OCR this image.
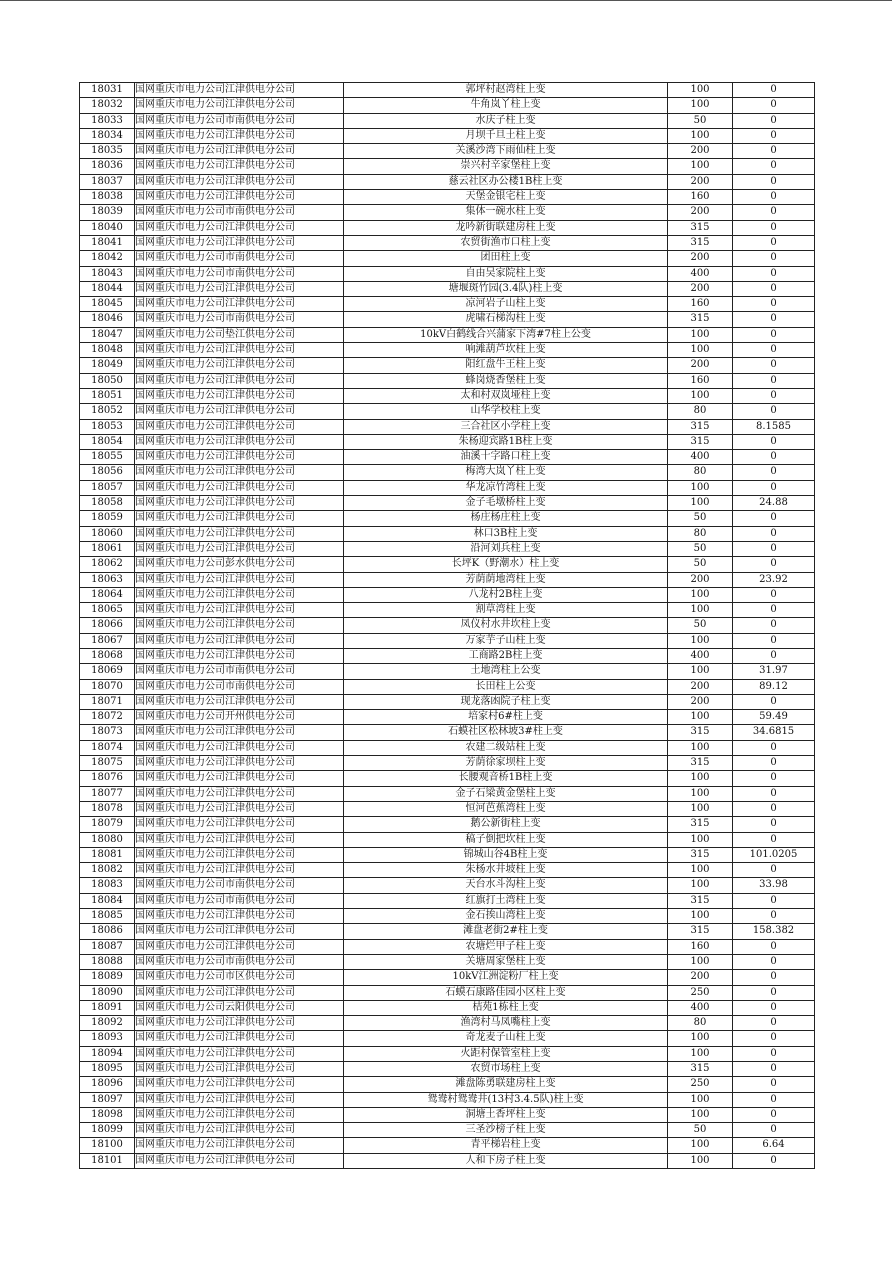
18031	国网重庆市电力公司江津供电分公司	郭坪村赵湾柱上变	100	0
18032	国网重庆市电力公司江津供电分公司	牛角岚丫柱上变	100	0
18033	国网重庆市电力公司市南供电分公司	水庆子柱上变	50	0
18034	国网重庆市电力公司江津供电分公司	月坝千旦土柱上变	100	0
18035	国网重庆市电力公司江津供电分公司	关溪沙湾下雨仙柱上变	200	0
18036	国网重庆市电力公司江津供电分公司	崇兴村辛家堡柱上变	100	0
18037	国网重庆市电力公司江津供电分公司	慈云社区办公楼1B柱上变	200	0
18038	国网重庆市电力公司江津供电分公司	天堡金银宅柱上变	160	0
18039	国网重庆市电力公司市南供电分公司	集体一碗水柱上变	200	0
18040	国网重庆市电力公司江津供电分公司	龙吟新街联建房柱上变	315	0
18041	国网重庆市电力公司江津供电分公司	农贸街渔市口柱上变	315	0
18042	国网重庆市电力公司市南供电分公司	团田柱上变	200	0
18043	国网重庆市电力公司市南供电分公司	自由吴家院柱上变	400	0
18044	国网重庆市电力公司江津供电分公司	塘堰斑竹园(3.4队)柱上变	200	0
18045	国网重庆市电力公司江津供电分公司	凉河岩子山柱上变	160	0
18046	国网重庆市电力公司市南供电分公司	虎啸石梯沟柱上变	315	0
18047	国网重庆市电力公司垫江供电分公司	10kV白鹤线合兴蒲家下湾#7柱上公变	100	0
18048	国网重庆市电力公司江津供电分公司	响滩葫芦坎柱上变	100	0
18049	国网重庆市电力公司江津供电分公司	阳红盘牛王柱上变	200	0
18050	国网重庆市电力公司江津供电分公司	蜂岗烧香堡柱上变	160	0
18051	国网重庆市电力公司江津供电分公司	太和村双岚垭柱上变	100	0
18052	国网重庆市电力公司江津供电分公司	山华学校柱上变	80	0
18053	国网重庆市电力公司江津供电分公司	三合社区小学柱上变	315	8.1585
18054	国网重庆市电力公司江津供电分公司	朱杨迎宾路1B柱上变	315	0
18055	国网重庆市电力公司江津供电分公司	油溪十字路口柱上变	400	0
18056	国网重庆市电力公司江津供电分公司	梅湾大岚丫柱上变	80	0
18057	国网重庆市电力公司江津供电分公司	华龙凉竹湾柱上变	100	0
18058	国网重庆市电力公司江津供电分公司	金子毛墩桥柱上变	100	24.88
18059	国网重庆市电力公司江津供电分公司	杨庄杨庄柱上变	50	0
18060	国网重庆市电力公司江津供电分公司	林口3B柱上变	80	0
18061	国网重庆市电力公司江津供电分公司	沿河刘兵柱上变	50	0
18062	国网重庆市电力公司彭水供电分公司	长坪K（野潮水）柱上变	50	0
18063	国网重庆市电力公司江津供电分公司	芳荫荫地湾柱上变	200	23.92
18064	国网重庆市电力公司江津供电分公司	八龙村2B柱上变	100	0
18065	国网重庆市电力公司江津供电分公司	割草湾柱上变	100	0
18066	国网重庆市电力公司江津供电分公司	凤仪村水井坎柱上变	50	0
18067	国网重庆市电力公司江津供电分公司	万家芋子山柱上变	100	0
18068	国网重庆市电力公司江津供电分公司	工商路2B柱上变	400	0
18069	国网重庆市电力公司市南供电分公司	土地湾柱上公变	100	31.97
18070	国网重庆市电力公司市南供电分公司	长田柱上公变	200	89.12
18071	国网重庆市电力公司江津供电分公司	现龙落凼院子柱上变	200	0
18072	国网重庆市电力公司开州供电分公司	培家村6#柱上变	100	59.49
18073	国网重庆市电力公司江津供电分公司	石蟆社区松林坡3#柱上变	315	34.6815
18074	国网重庆市电力公司江津供电分公司	农建二级站柱上变	100	0
18075	国网重庆市电力公司江津供电分公司	芳荫徐家坝柱上变	315	0
18076	国网重庆市电力公司江津供电分公司	长腰观音桥1B柱上变	100	0
18077	国网重庆市电力公司江津供电分公司	金子石梁黄金堡柱上变	100	0
18078	国网重庆市电力公司江津供电分公司	恒河芭蕉湾柱上变	100	0
18079	国网重庆市电力公司江津供电分公司	鹅公新街柱上变	315	0
18080	国网重庆市电力公司江津供电分公司	稿子倒把坎柱上变	100	0
18081	国网重庆市电力公司江津供电分公司	锦城山谷4B柱上变	315	101.0205
18082	国网重庆市电力公司江津供电分公司	朱杨水井坡柱上变	100	0
18083	国网重庆市电力公司市南供电分公司	天台水斗沟柱上变	100	33.98
18084	国网重庆市电力公司市南供电分公司	红旗打土湾柱上变	315	0
18085	国网重庆市电力公司江津供电分公司	金石挨山湾柱上变	100	0
18086	国网重庆市电力公司江津供电分公司	滩盘老街2#柱上变	315	158.382
18087	国网重庆市电力公司江津供电分公司	农塘烂甲子柱上变	160	0
18088	国网重庆市电力公司市南供电分公司	关塘周家堡柱上变	100	0
18089	国网重庆市电力公司市区供电分公司	10kV江洲淀粉厂柱上变	200	0
18090	国网重庆市电力公司江津供电分公司	石蟆石康路佳园小区柱上变	250	0
18091	国网重庆市电力公司云阳供电分公司	桔苑1栋柱上变	400	0
18092	国网重庆市电力公司江津供电分公司	渔湾村马凤嘴柱上变	80	0
18093	国网重庆市电力公司江津供电分公司	奇龙麦子山柱上变	100	0
18094	国网重庆市电力公司江津供电分公司	火距村保管室柱上变	100	0
18095	国网重庆市电力公司江津供电分公司	农贸市场柱上变	315	0
18096	国网重庆市电力公司江津供电分公司	滩盘陈勇联建房柱上变	250	0
18097	国网重庆市电力公司江津供电分公司	鸳鸯村鸳鸯井(13村3.4.5队)柱上变	100	0
18098	国网重庆市电力公司江津供电分公司	洞塘土香坪柱上变	100	0
18099	国网重庆市电力公司江津供电分公司	三圣沙榜子柱上变	50	0
18100	国网重庆市电力公司江津供电分公司	青平梯岩柱上变	100	6.64
18101	国网重庆市电力公司江津供电分公司	人和下房子柱上变	100	0
